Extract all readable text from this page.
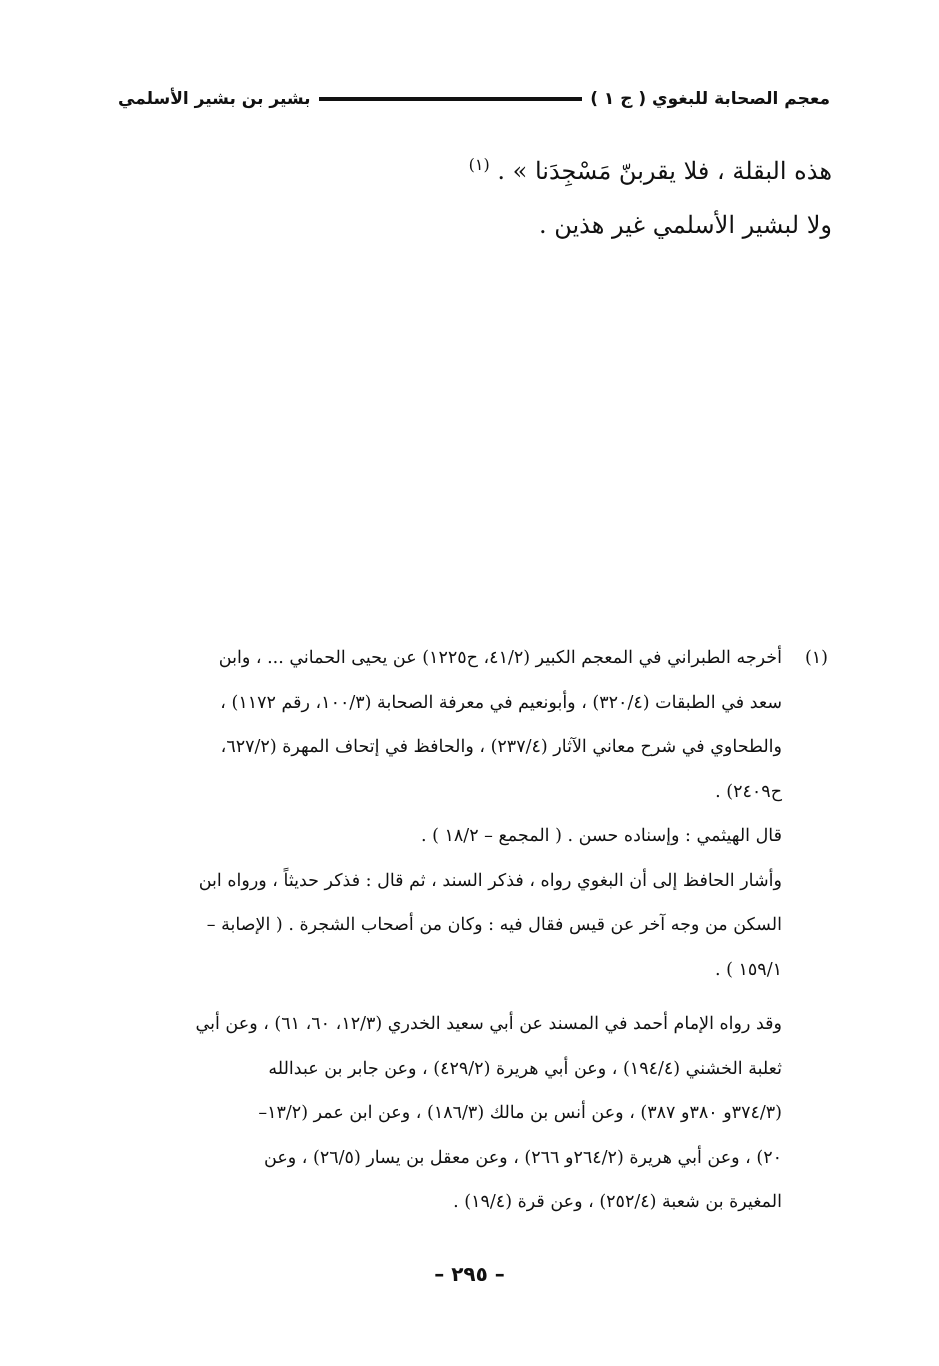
معجم الصحابة للبغوي ( ج ١ )
بشير بن بشير الأسلمي

هذه البقلة ، فلا يقربنّ مَسْجِدَنا » . $^{(١)}$

ولا لبشير الأسلمي غير هذين .

(١)

أخرجه الطبراني في المعجم الكبير (٤١/٢، ح١٢٢٥) عن يحيى الحماني ... ، وابن

سعد في الطبقات (٣٢٠/٤) ، وأبونعيم في معرفة الصحابة (١٠٠/٣، رقم ١١٧٢) ،

والطحاوي في شرح معاني الآثار (٢٣٧/٤) ، والحافظ في إتحاف المهرة (٦٢٧/٢،

ح٢٤٠٩) .

قال الهيثمي : وإسناده حسن . ( المجمع – ١٨/٢ ) .

وأشار الحافظ إلى أن البغوي رواه ، فذكر السند ، ثم قال : فذكر حديثاً ، ورواه ابن

السكن من وجه آخر عن قيس فقال فيه : وكان من أصحاب الشجرة . ( الإصابة –

١٥٩/١ ) .

وقد رواه الإمام أحمد في المسند عن أبي سعيد الخدري (١٢/٣، ٦٠، ٦١) ، وعن أبي

ثعلبة الخشني (١٩٤/٤) ، وعن أبي هريرة (٤٢٩/٢) ، وعن جابر بن عبدالله

(٣٧٤/٣و ٣٨٠و ٣٨٧) ، وعن أنس بن مالك (١٨٦/٣) ، وعن ابن عمر (١٣/٢–

٢٠) ، وعن أبي هريرة (٢٦٤/٢و ٢٦٦) ، وعن معقل بن يسار (٢٦/٥) ، وعن

المغيرة بن شعبة (٢٥٢/٤) ، وعن قرة (١٩/٤) .

– ٢٩٥ –
